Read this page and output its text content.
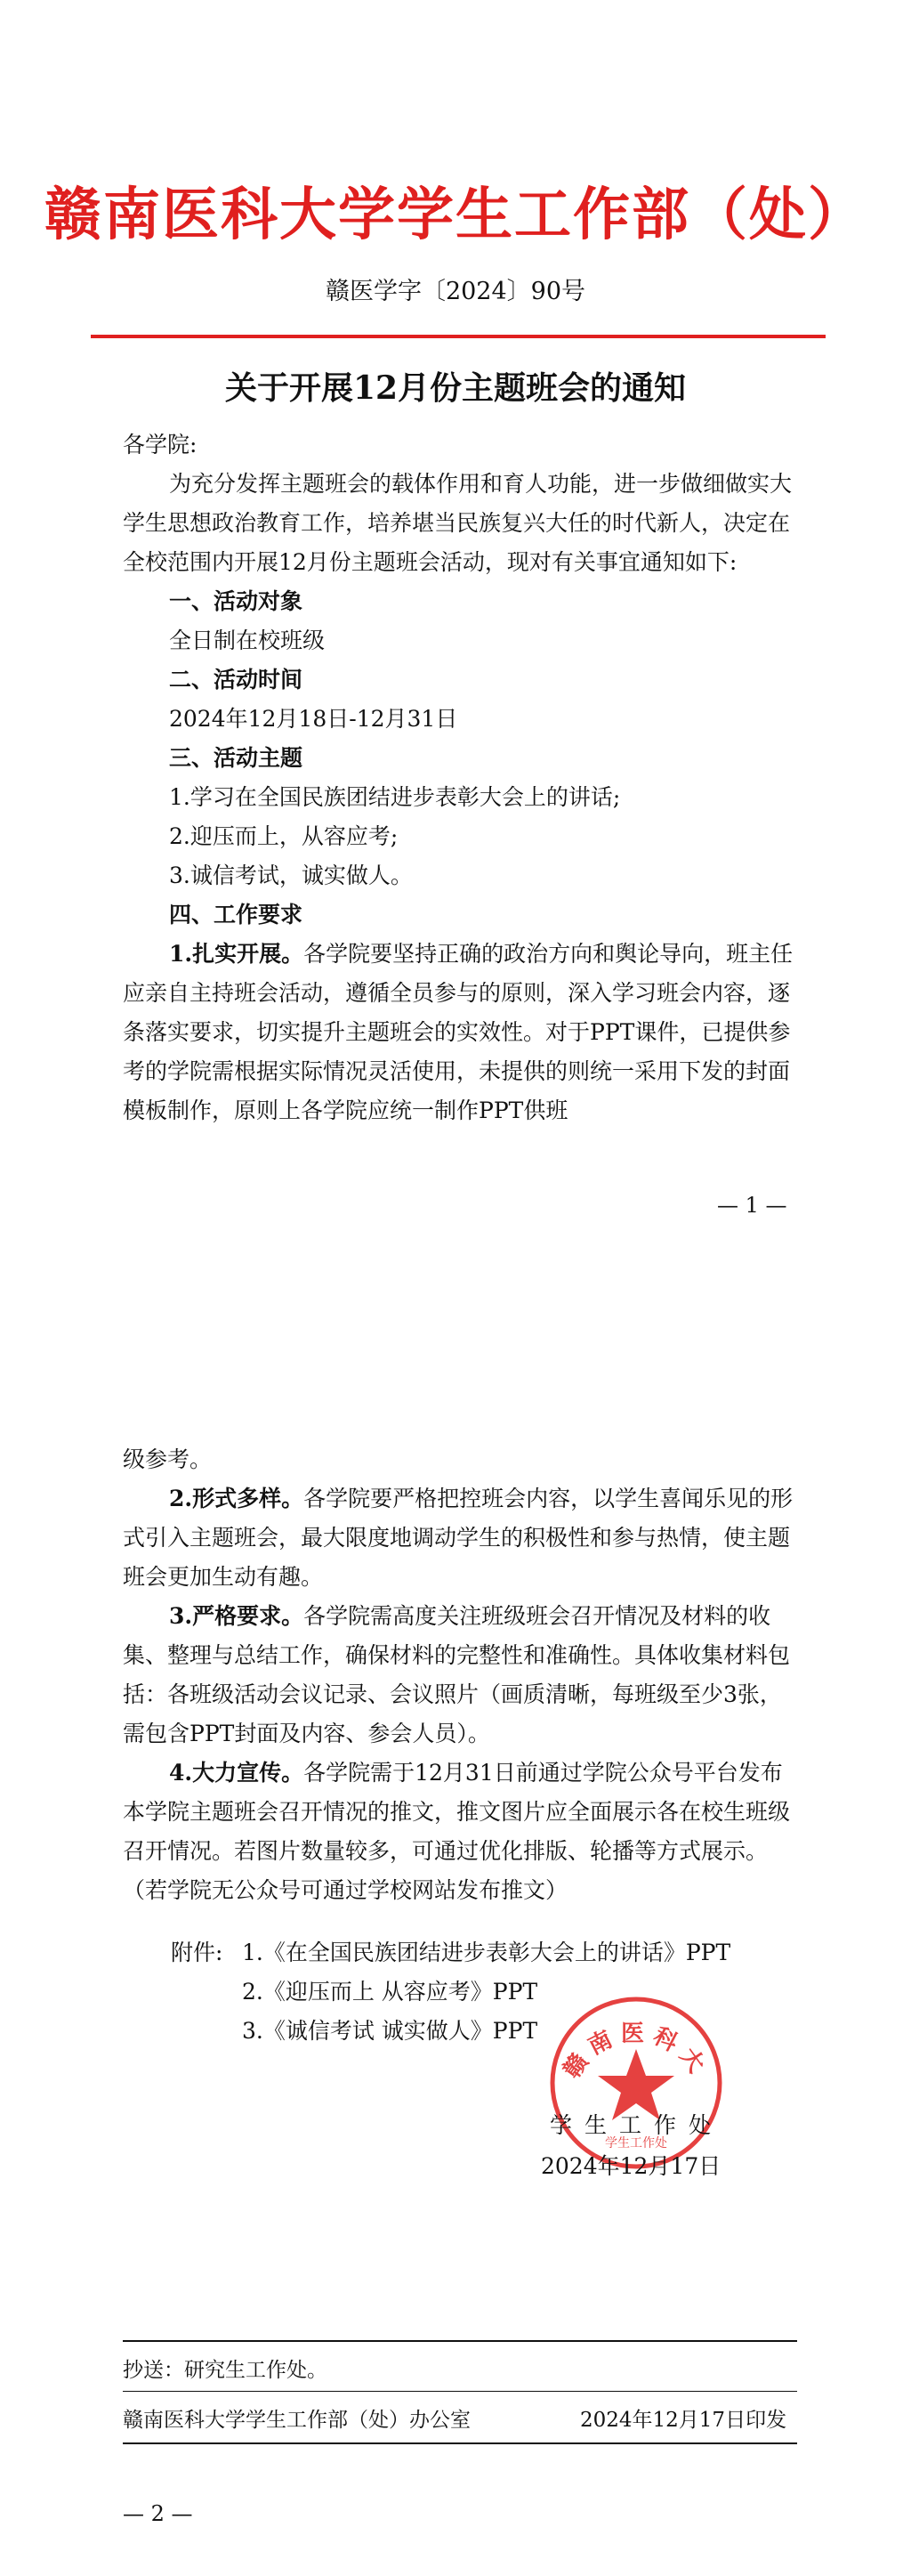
赣南医科大学学生工作部（处）
赣医学字〔2024〕90号
关于开展12月份主题班会的通知

各学院:

为充分发挥主题班会的载体作用和育人功能，进一步做细做实大学生思想政治教育工作，培养堪当民族复兴大任的时代新人，决定在全校范围内开展12月份主题班会活动，现对有关事宜通知如下:

一、活动对象

全日制在校班级

二、活动时间

2024年12月18日-12月31日

三、活动主题

1.学习在全国民族团结进步表彰大会上的讲话;

2.迎压而上，从容应考;

3.诚信考试，诚实做人。

四、工作要求

1.扎实开展。各学院要坚持正确的政治方向和舆论导向，班主任应亲自主持班会活动，遵循全员参与的原则，深入学习班会内容，逐条落实要求，切实提升主题班会的实效性。对于PPT课件，已提供参考的学院需根据实际情况灵活使用，未提供的则统一采用下发的封面模板制作，原则上各学院应统一制作PPT供班

— 1 —

级参考。

2.形式多样。各学院要严格把控班会内容，以学生喜闻乐见的形式引入主题班会，最大限度地调动学生的积极性和参与热情，使主题班会更加生动有趣。

3.严格要求。各学院需高度关注班级班会召开情况及材料的收集、整理与总结工作，确保材料的完整性和准确性。具体收集材料包括：各班级活动会议记录、会议照片（画质清晰，每班级至少3张，需包含PPT封面及内容、参会人员）。

4.大力宣传。各学院需于12月31日前通过学院公众号平台发布本学院主题班会召开情况的推文，推文图片应全面展示各在校生班级召开情况。若图片数量较多，可通过优化排版、轮播等方式展示。（若学院无公众号可通过学校网站发布推文）

附件: 1.《在全国民族团结进步表彰大会上的讲话》PPT
2.《迎压而上 从容应考》PPT
3.《诚信考试 诚实做人》PPT
赣南医科大
学生工作处
学生工作处
2024年12月17日
抄送：研究生工作处。
赣南医科大学学生工作部（处）办公室	2024年12月17日印发
— 2 —
